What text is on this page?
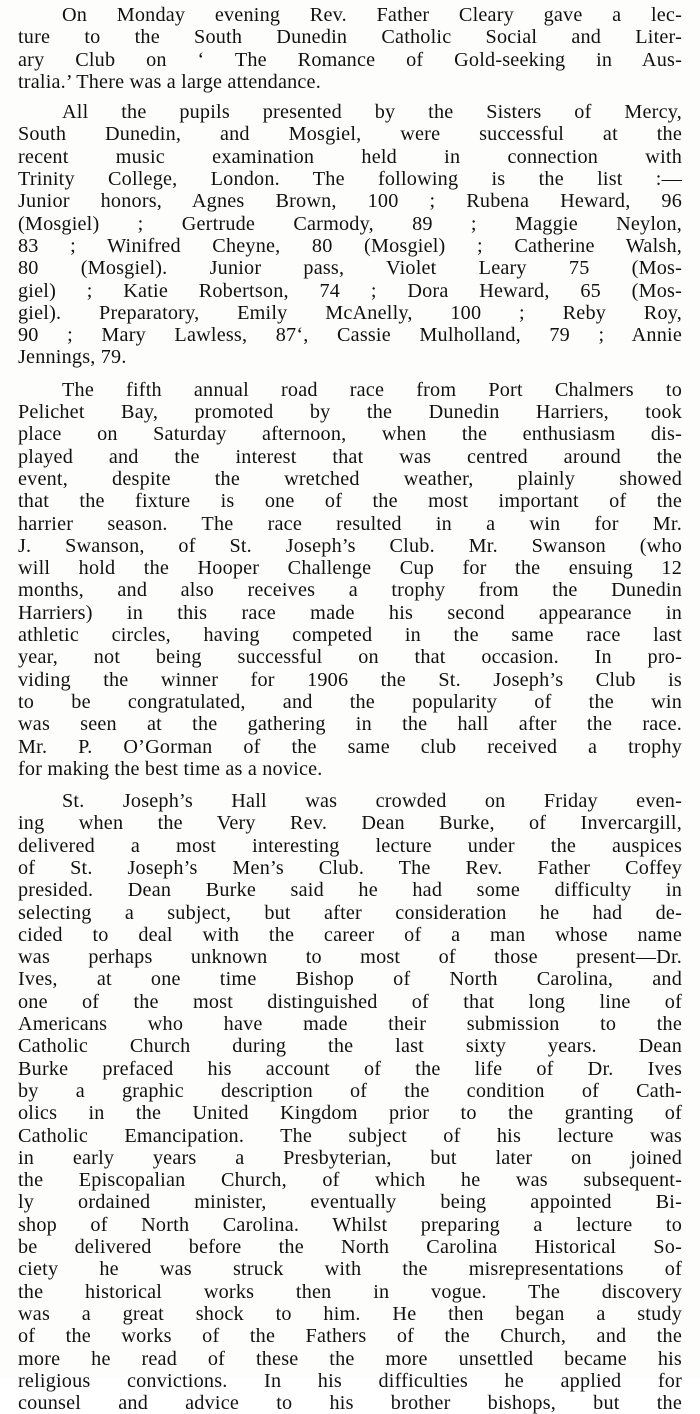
On Monday evening Rev. Father Cleary gave a lec-
ture to the South Dunedin Catholic Social and Liter-
ary Club on ‘ The Romance of Gold-seeking in Aus-
tralia.’ There was a large attendance.
All the pupils presented by the Sisters of Mercy,
South Dunedin, and Mosgiel, were successful at the
recent music examination held in connection with
Trinity College, London. The following is the list :—
Junior honors, Agnes Brown, 100 ; Rubena Heward, 96
(Mosgiel) ; Gertrude Carmody, 89 ; Maggie Neylon,
83 ; Winifred Cheyne, 80 (Mosgiel) ; Catherine Walsh,
80 (Mosgiel). Junior pass, Violet Leary 75 (Mos-
giel) ; Katie Robertson, 74 ; Dora Heward, 65 (Mos-
giel). Preparatory, Emily McAnelly, 100 ; Reby Roy,
90 ; Mary Lawless, 87‘, Cassie Mulholland, 79 ; Annie
Jennings, 79.
The fifth annual road race from Port Chalmers to
Pelichet Bay, promoted by the Dunedin Harriers, took
place on Saturday afternoon, when the enthusiasm dis-
played and the interest that was centred around the
event, despite the wretched weather, plainly showed
that the fixture is one of the most important of the
harrier season. The race resulted in a win for Mr.
J. Swanson, of St. Joseph’s Club. Mr. Swanson (who
will hold the Hooper Challenge Cup for the ensuing 12
months, and also receives a trophy from the Dunedin
Harriers) in this race made his second appearance in
athletic circles, having competed in the same race last
year, not being successful on that occasion. In pro-
viding the winner for 1906 the St. Joseph’s Club is
to be congratulated, and the popularity of the win
was seen at the gathering in the hall after the race.
Mr. P. O’Gorman of the same club received a trophy
for making the best time as a novice.
St. Joseph’s Hall was crowded on Friday even-
ing when the Very Rev. Dean Burke, of Invercargill,
delivered a most interesting lecture under the auspices
of St. Joseph’s Men’s Club. The Rev. Father Coffey
presided. Dean Burke said he had some difficulty in
selecting a subject, but after consideration he had de-
cided to deal with the career of a man whose name
was perhaps unknown to most of those present—Dr.
Ives, at one time Bishop of North Carolina, and
one of the most distinguished of that long line of
Americans who have made their submission to the
Catholic Church during the last sixty years. Dean
Burke prefaced his account of the life of Dr. Ives
by a graphic description of the condition of Cath-
olics in the United Kingdom prior to the granting of
Catholic Emancipation. The subject of his lecture was
in early years a Presbyterian, but later on joined
the Episcopalian Church, of which he was subsequent-
ly ordained minister, eventually being appointed Bi-
shop of North Carolina. Whilst preparing a lecture to
be delivered before the North Carolina Historical So-
ciety he was struck with the misrepresentations of
the historical works then in vogue. The discovery
was a great shock to him. He then began a study
of the works of the Fathers of the Church, and the
more he read of these the more unsettled became his
religious convictions. In his difficulties he applied for
counsel and advice to his brother bishops, but the
